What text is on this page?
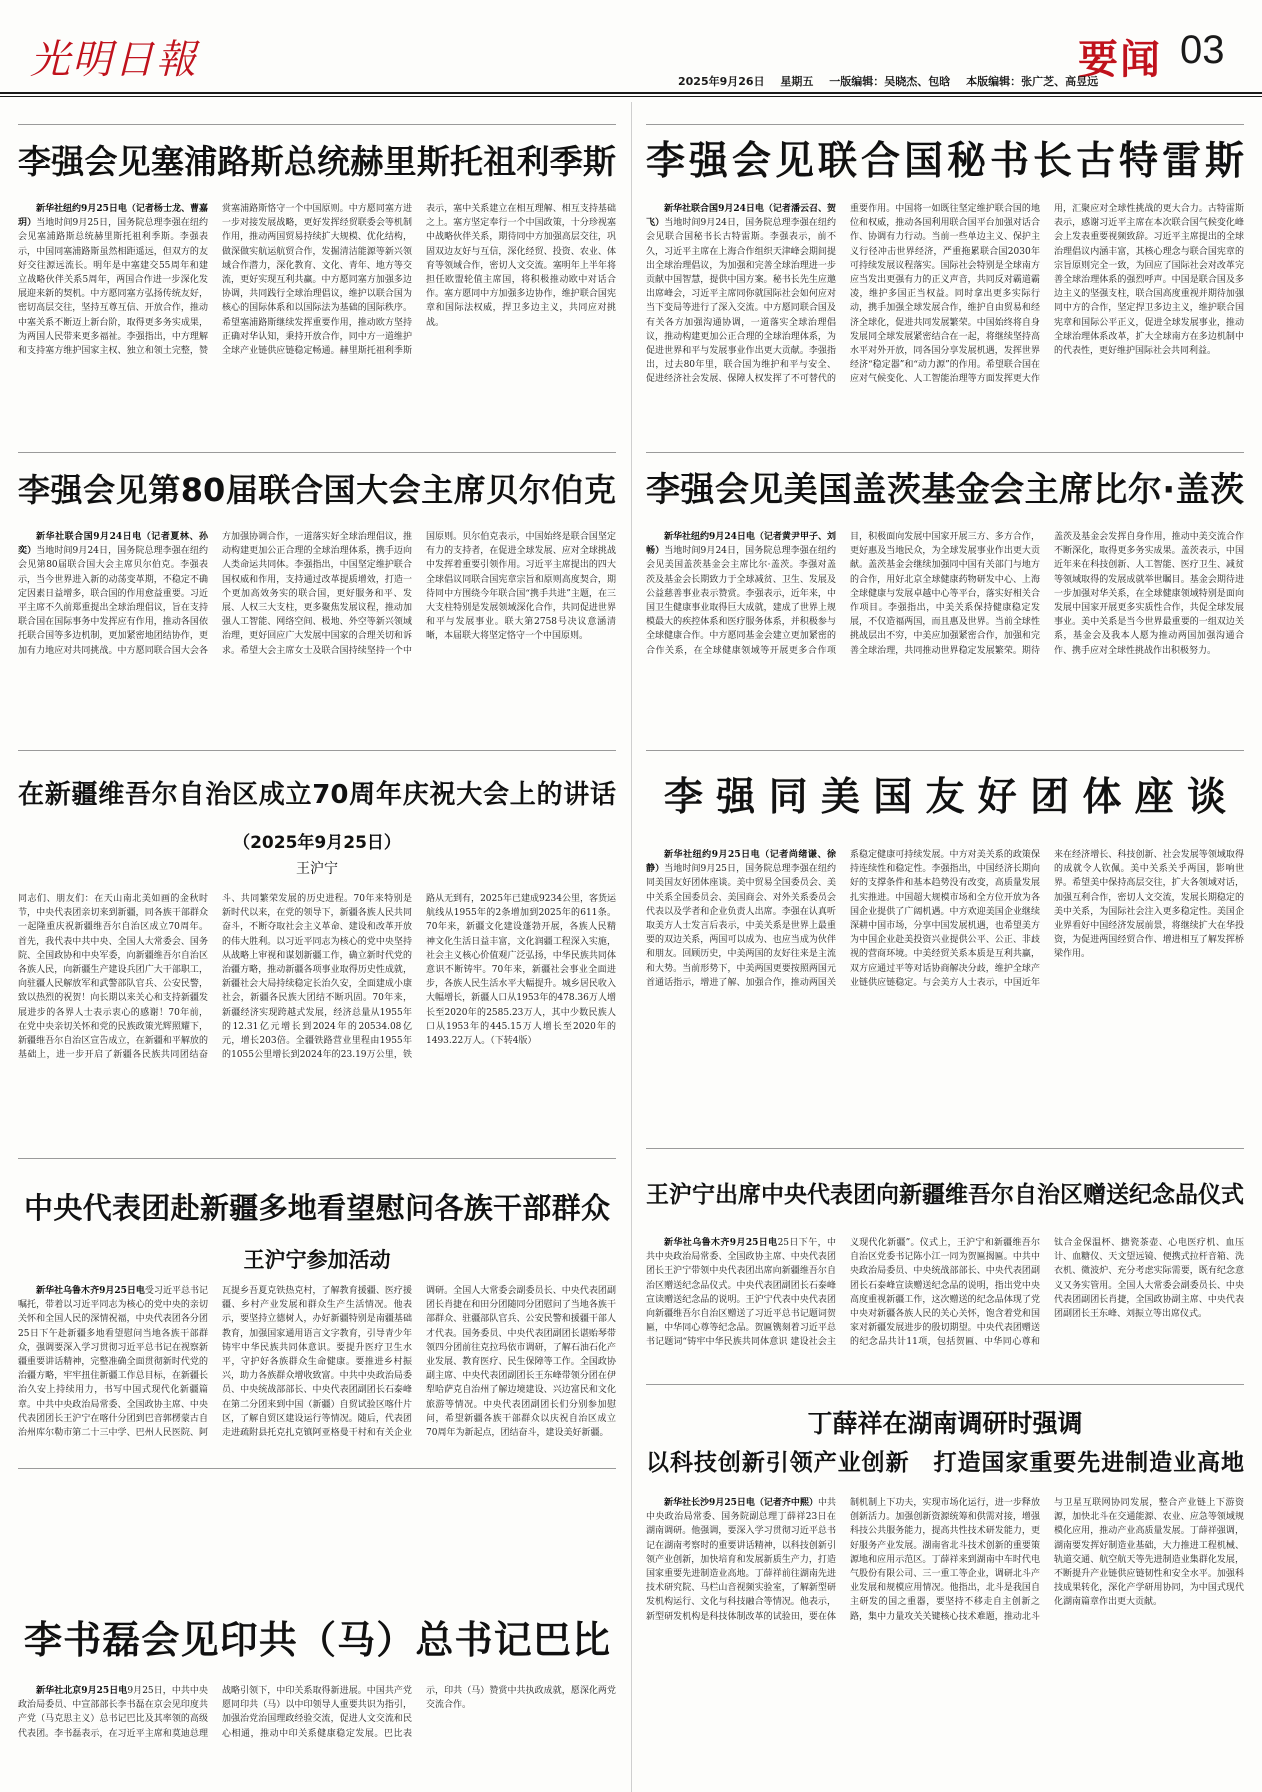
光明日報	要闻 03
2025年9月26日 星期五 一版编辑：吴晓杰、包晗 本版编辑：张广芝、高昱远
李强会见塞浦路斯总统赫里斯托祖利季斯

新华社纽约9月25日电（记者杨士龙、曹嘉玥）当地时间9月25日，国务院总理李强在纽约会见塞浦路斯总统赫里斯托祖利季斯。李强表示，中国同塞浦路斯虽然相距遥远，但双方的友好交往源远流长。明年是中塞建交55周年和建立战略伙伴关系5周年，两国合作进一步深化发展迎来新的契机。中方愿同塞方弘扬传统友好，密切高层交往，坚持互尊互信、开放合作，推动中塞关系不断迈上新台阶，取得更多务实成果，为两国人民带来更多福祉。李强指出，中方理解和支持塞方维护国家主权、独立和领土完整，赞赏塞浦路斯恪守一个中国原则。中方愿同塞方进一步对接发展战略，更好发挥经贸联委会等机制作用，推动两国贸易持续扩大规模、优化结构，做深做实航运航贸合作，发掘清洁能源等新兴领域合作潜力，深化教育、文化、青年、地方等交流，更好实现互利共赢。中方愿同塞方加强多边协调，共同践行全球治理倡议，维护以联合国为核心的国际体系和以国际法为基础的国际秩序。希望塞浦路斯继续发挥重要作用，推动欧方坚持正确对华认知，秉持开放合作，同中方一道维护全球产业链供应链稳定畅通。赫里斯托祖利季斯表示，塞中关系建立在相互理解、相互支持基础之上。塞方坚定奉行一个中国政策，十分珍视塞中战略伙伴关系，期待同中方加强高层交往，巩固双边友好与互信，深化经贸、投资、农业、体育等领域合作，密切人文交流。塞明年上半年将担任欧盟轮值主席国，将积极推动欧中对话合作。塞方愿同中方加强多边协作，维护联合国宪章和国际法权威，捍卫多边主义，共同应对挑战。

李强会见联合国秘书长古特雷斯

新华社联合国9月24日电（记者潘云召、贺飞）当地时间9月24日，国务院总理李强在纽约会见联合国秘书长古特雷斯。李强表示，前不久，习近平主席在上海合作组织天津峰会期间提出全球治理倡议，为加强和完善全球治理进一步贡献中国智慧，提供中国方案。秘书长先生应邀出席峰会，习近平主席同你就国际社会如何应对当下变局等进行了深入交流。中方愿同联合国及有关各方加强沟通协调，一道落实全球治理倡议，推动构建更加公正合理的全球治理体系，为促进世界和平与发展事业作出更大贡献。李强指出，过去80年里，联合国为维护和平与安全、促进经济社会发展、保障人权发挥了不可替代的重要作用。中国将一如既往坚定维护联合国的地位和权威，推动各国利用联合国平台加强对话合作、协调有力行动。当前一些单边主义、保护主义行径冲击世界经济，严重拖累联合国2030年可持续发展议程落实。国际社会特别是全球南方应当发出更强有力的正义声音，共同反对霸道霸凌，维护多国正当权益。同时拿出更多实际行动，携手加强全球发展合作，维护自由贸易和经济全球化，促进共同发展繁荣。中国始终将自身发展同全球发展紧密结合在一起，将继续坚持高水平对外开放，同各国分享发展机遇，发挥世界经济“稳定器”和“动力源”的作用。希望联合国在应对气候变化、人工智能治理等方面发挥更大作用，汇聚应对全球性挑战的更大合力。古特雷斯表示，感谢习近平主席在本次联合国气候变化峰会上发表重要视频致辞。习近平主席提出的全球治理倡议内涵丰富，其核心理念与联合国宪章的宗旨原则完全一致，为回应了国际社会对改革完善全球治理体系的强烈呼声。中国是联合国及多边主义的坚强支柱，联合国高度重视并期待加强同中方的合作，坚定捍卫多边主义，维护联合国宪章和国际公平正义，促进全球发展事业，推动全球治理体系改革，扩大全球南方在多边机制中的代表性，更好维护国际社会共同利益。

李强会见第80届联合国大会主席贝尔伯克

新华社联合国9月24日电（记者夏林、孙奕）当地时间9月24日，国务院总理李强在纽约会见第80届联合国大会主席贝尔伯克。李强表示，当今世界进入新的动荡变革期，不稳定不确定因素日益增多，联合国的作用愈益重要。习近平主席不久前郑重提出全球治理倡议，旨在支持联合国在国际事务中发挥应有作用，推动各国依托联合国等多边机制，更加紧密地团结协作，更加有力地应对共同挑战。中方愿同联合国大会各方加强协调合作，一道落实好全球治理倡议，推动构建更加公正合理的全球治理体系，携手迈向人类命运共同体。李强指出，中国坚定维护联合国权威和作用，支持通过改革提质增效，打造一个更加高效务实的联合国，更好服务和平、发展、人权三大支柱，更多聚焦发展议程，推动加强人工智能、网络空间、极地、外空等新兴领域治理，更好回应广大发展中国家的合理关切和诉求。希望大会主席女士及联合国持续坚持一个中国原则。贝尔伯克表示，中国始终是联合国坚定有力的支持者，在促进全球发展、应对全球挑战中发挥着重要引领作用。习近平主席提出的四大全球倡议同联合国宪章宗旨和原则高度契合，期待同中方围绕今年联合国“携手共进”主题，在三大支柱特别是发展领域深化合作，共同促进世界和平与发展事业。联大第2758号决议意涵清晰，本届联大将坚定恪守一个中国原则。

李强会见美国盖茨基金会主席比尔·盖茨

新华社纽约9月24日电（记者黄尹甲子、刘畅）当地时间9月24日，国务院总理李强在纽约会见美国盖茨基金会主席比尔·盖茨。李强对盖茨及基金会长期致力于全球减贫、卫生、发展及公益慈善事业表示赞赏。李强表示，近年来，中国卫生健康事业取得巨大成就，建成了世界上规模最大的疾控体系和医疗服务体系，并积极参与全球健康合作。中方愿同基金会建立更加紧密的合作关系，在全球健康领域等开展更多合作项目，积极面向发展中国家开展三方、多方合作，更好惠及当地民众，为全球发展事业作出更大贡献。盖茨基金会继续加强同中国有关部门与地方的合作，用好北京全球健康药物研发中心、上海全球健康与发展卓越中心等平台，落实好相关合作项目。李强指出，中美关系保持健康稳定发展，不仅造福两国，而且惠及世界。当前全球性挑战层出不穷，中美应加强紧密合作，加强和完善全球治理，共同推动世界稳定发展繁荣。期待盖茨及基金会发挥自身作用，推动中美交流合作不断深化，取得更多务实成果。盖茨表示，中国近年来在科技创新、人工智能、医疗卫生、减贫等领域取得的发展成就举世瞩目。基金会期待进一步加强对华关系，在全球健康领域特别是面向发展中国家开展更多实质性合作，共促全球发展事业。美中关系是当今世界最重要的一组双边关系，基金会及我本人愿为推动两国加强沟通合作、携手应对全球性挑战作出积极努力。

在新疆维吾尔自治区成立70周年庆祝大会上的讲话
（2025年9月25日）
王沪宁

同志们、朋友们：在天山南北美如画的金秋时节，中央代表团亲切来到新疆，同各族干部群众一起隆重庆祝新疆维吾尔自治区成立70周年。首先，我代表中共中央、全国人大常委会、国务院、全国政协和中央军委，向新疆维吾尔自治区各族人民，向新疆生产建设兵团广大干部职工，向驻疆人民解放军和武警部队官兵、公安民警，致以热烈的祝贺！向长期以来关心和支持新疆发展进步的各界人士表示衷心的感谢！70年前，在党中央亲切关怀和党的民族政策光辉照耀下，新疆维吾尔自治区宣告成立，在新疆和平解放的基础上，进一步开启了新疆各民族共同团结奋斗、共同繁荣发展的历史进程。70年来特别是新时代以来，在党的领导下，新疆各族人民共同奋斗，不断夺取社会主义革命、建设和改革开放的伟大胜利。以习近平同志为核心的党中央坚持从战略上审视和谋划新疆工作，确立新时代党的治疆方略，推动新疆各项事业取得历史性成就，新疆社会大局持续稳定长治久安，全面建成小康社会，新疆各民族大团结不断巩固。70年来，新疆经济实现跨越式发展，经济总量从1955年的12.31亿元增长到2024年的20534.08亿元，增长203倍。全疆铁路营业里程由1955年的1055公里增长到2024年的23.19万公里，铁路从无到有，2025年已建成9234公里，客货运航线从1955年的2条增加到2025年的611条。70年来，新疆文化建设蓬勃开展，各族人民精神文化生活日益丰富，文化润疆工程深入实施，社会主义核心价值观广泛弘扬，中华民族共同体意识不断铸牢。70年来，新疆社会事业全面进步，各族人民生活水平大幅提升。城乡居民收入大幅增长，新疆人口从1953年的478.36万人增长至2020年的2585.23万人，其中少数民族人口从1953年的445.15万人增长至2020年的1493.22万人。（下转4版）

李强同美国友好团体座谈

新华社纽约9月25日电（记者尚绪谦、徐静）当地时间9月25日，国务院总理李强在纽约同美国友好团体座谈。美中贸易全国委员会、美中关系全国委员会、美国商会、对外关系委员会代表以及学者和企业负责人出席。李强在认真听取美方人士发言后表示，中美关系是世界上最重要的双边关系，两国可以成为、也应当成为伙伴和朋友。回顾历史，中美两国的友好往来是主流和大势。当前形势下，中美两国更要按照两国元首通话指示，增进了解、加强合作，推动两国关系稳定健康可持续发展。中方对美关系的政策保持连续性和稳定性。李强指出，中国经济长期向好的支撑条件和基本趋势没有改变，高质量发展扎实推进。中国超大规模市场和全方位开放为各国企业提供了广阔机遇。中方欢迎美国企业继续深耕中国市场，分享中国发展机遇，也希望美方为中国企业赴美投资兴业提供公平、公正、非歧视的营商环境。中美经贸关系本质是互利共赢，双方应通过平等对话协商解决分歧，维护全球产业链供应链稳定。与会美方人士表示，中国近年来在经济增长、科技创新、社会发展等领域取得的成就令人钦佩。美中关系关乎两国，影响世界。希望美中保持高层交往，扩大各领域对话，加强互利合作，密切人文交流，发展长期稳定的美中关系，为国际社会注入更多稳定性。美国企业界看好中国经济发展前景，将继续扩大在华投资，为促进两国经贸合作、增进相互了解发挥桥梁作用。

中央代表团赴新疆多地看望慰问各族干部群众
王沪宁参加活动

新华社乌鲁木齐9月25日电受习近平总书记嘱托，带着以习近平同志为核心的党中央的亲切关怀和全国人民的深情祝福，中央代表团各分团25日下午赴新疆多地看望慰问当地各族干部群众，强调要深入学习贯彻习近平总书记在视察新疆重要讲话精神，完整准确全面贯彻新时代党的治疆方略，牢牢扭住新疆工作总目标，在新疆长治久安上持续用力，书写中国式现代化新疆篇章。中共中央政治局常委、全国政协主席、中央代表团团长王沪宁在喀什分团到巴音郭楞蒙古自治州库尔勒市第二十三中学、巴州人民医院、阿瓦提乡吾夏克铁热克村，了解教育援疆、医疗援疆、乡村产业发展和群众生产生活情况。他表示，要坚持立德树人，办好新疆特别是南疆基础教育，加强国家通用语言文字教育，引导青少年铸牢中华民族共同体意识。要提升医疗卫生水平，守护好各族群众生命健康。要推进乡村振兴，助力各族群众增收致富。中共中央政治局委员、中央统战部部长、中央代表团副团长石泰峰在第二分团来到中国（新疆）自贸试验区喀什片区，了解自贸区建设运行等情况。随后，代表团走进疏附县托克扎克镇阿亚格曼干村和有关企业调研。全国人大常委会副委员长、中央代表团副团长肖捷在和田分团随同分团慰问了当地各族干部群众、驻疆部队官兵、公安民警和援疆干部人才代表。国务委员、中央代表团副团长谌贻琴带领四分团前往克拉玛依市调研，了解石油石化产业发展、教育医疗、民生保障等工作。全国政协副主席、中央代表团副团长王东峰带领分团在伊犁哈萨克自治州了解边境建设、兴边富民和文化旅游等情况。中央代表团副团长们分别参加慰问，希望新疆各族干部群众以庆祝自治区成立70周年为新起点，团结奋斗，建设美好新疆。

王沪宁出席中央代表团向新疆维吾尔自治区赠送纪念品仪式

新华社乌鲁木齐9月25日电25日下午，中共中央政治局常委、全国政协主席、中央代表团团长王沪宁带领中央代表团出席向新疆维吾尔自治区赠送纪念品仪式。中央代表团副团长石泰峰宣读赠送纪念品的说明。王沪宁代表中央代表团向新疆维吾尔自治区赠送了习近平总书记题词贺匾，中华同心尊等纪念品。贺匾镌刻着习近平总书记题词“铸牢中华民族共同体意识 建设社会主义现代化新疆”。仪式上，王沪宁和新疆维吾尔自治区党委书记陈小江一同为贺匾揭匾。中共中央政治局委员、中央统战部部长、中央代表团副团长石泰峰宣读赠送纪念品的说明，指出党中央高度重视新疆工作，这次赠送的纪念品体现了党中央对新疆各族人民的关心关怀，饱含着党和国家对新疆发展进步的殷切期望。中央代表团赠送的纪念品共计11项，包括贺匾、中华同心尊和钛合金保温杯、搪瓷茶壶、心电医疗机、血压计、血糖仪、天文望远镜、便携式拉杆音箱、洗衣机、微波炉、充分考虑实际需要，既有纪念意义又务实管用。全国人大常委会副委员长、中央代表团副团长肖捷，全国政协副主席、中央代表团副团长王东峰、刘振立等出席仪式。

丁薛祥在湖南调研时强调
以科技创新引领产业创新　打造国家重要先进制造业高地

新华社长沙9月25日电（记者齐中熙）中共中央政治局常委、国务院副总理丁薛祥23日在湖南调研。他强调，要深入学习贯彻习近平总书记在湖南考察时的重要讲话精神，以科技创新引领产业创新，加快培育和发展新质生产力，打造国家重要先进制造业高地。丁薛祥前往湖南先进技术研究院、马栏山音视频实验室，了解新型研发机构运行、文化与科技融合等情况。他表示，新型研发机构是科技体制改革的试验田，要在体制机制上下功夫，实现市场化运行，进一步释放创新活力。加强创新资源统筹和供需对接，增强科技公共服务能力，提高共性技术研发能力，更好服务产业发展。湖南省北斗技术创新的重要策源地和应用示范区。丁薛祥来到湖南中车时代电气股份有限公司、三一重工等企业，调研北斗产业发展和规模应用情况。他指出，北斗是我国自主研发的国之重器，要坚持不移走自主创新之路，集中力量攻关关键核心技术难题，推动北斗与卫星互联网协同发展，整合产业链上下游资源，加快北斗在交通能源、农业、应急等领域规模化应用，推动产业高质量发展。丁薛祥强调，湖南要发挥好制造业基础，大力推进工程机械、轨道交通、航空航天等先进制造业集群化发展，不断提升产业链供应链韧性和安全水平。加强科技成果转化，深化产学研用协同，为中国式现代化湖南篇章作出更大贡献。

李书磊会见印共（马）总书记巴比

新华社北京9月25日电9月25日，中共中央政治局委员、中宣部部长李书磊在京会见印度共产党（马克思主义）总书记巴比及其率领的高级代表团。李书磊表示，在习近平主席和莫迪总理战略引领下，中印关系取得新进展。中国共产党愿同印共（马）以中印领导人重要共识为指引，加强治党治国理政经验交流，促进人文交流和民心相通，推动中印关系健康稳定发展。巴比表示，印共（马）赞赏中共执政成就，愿深化两党交流合作。
